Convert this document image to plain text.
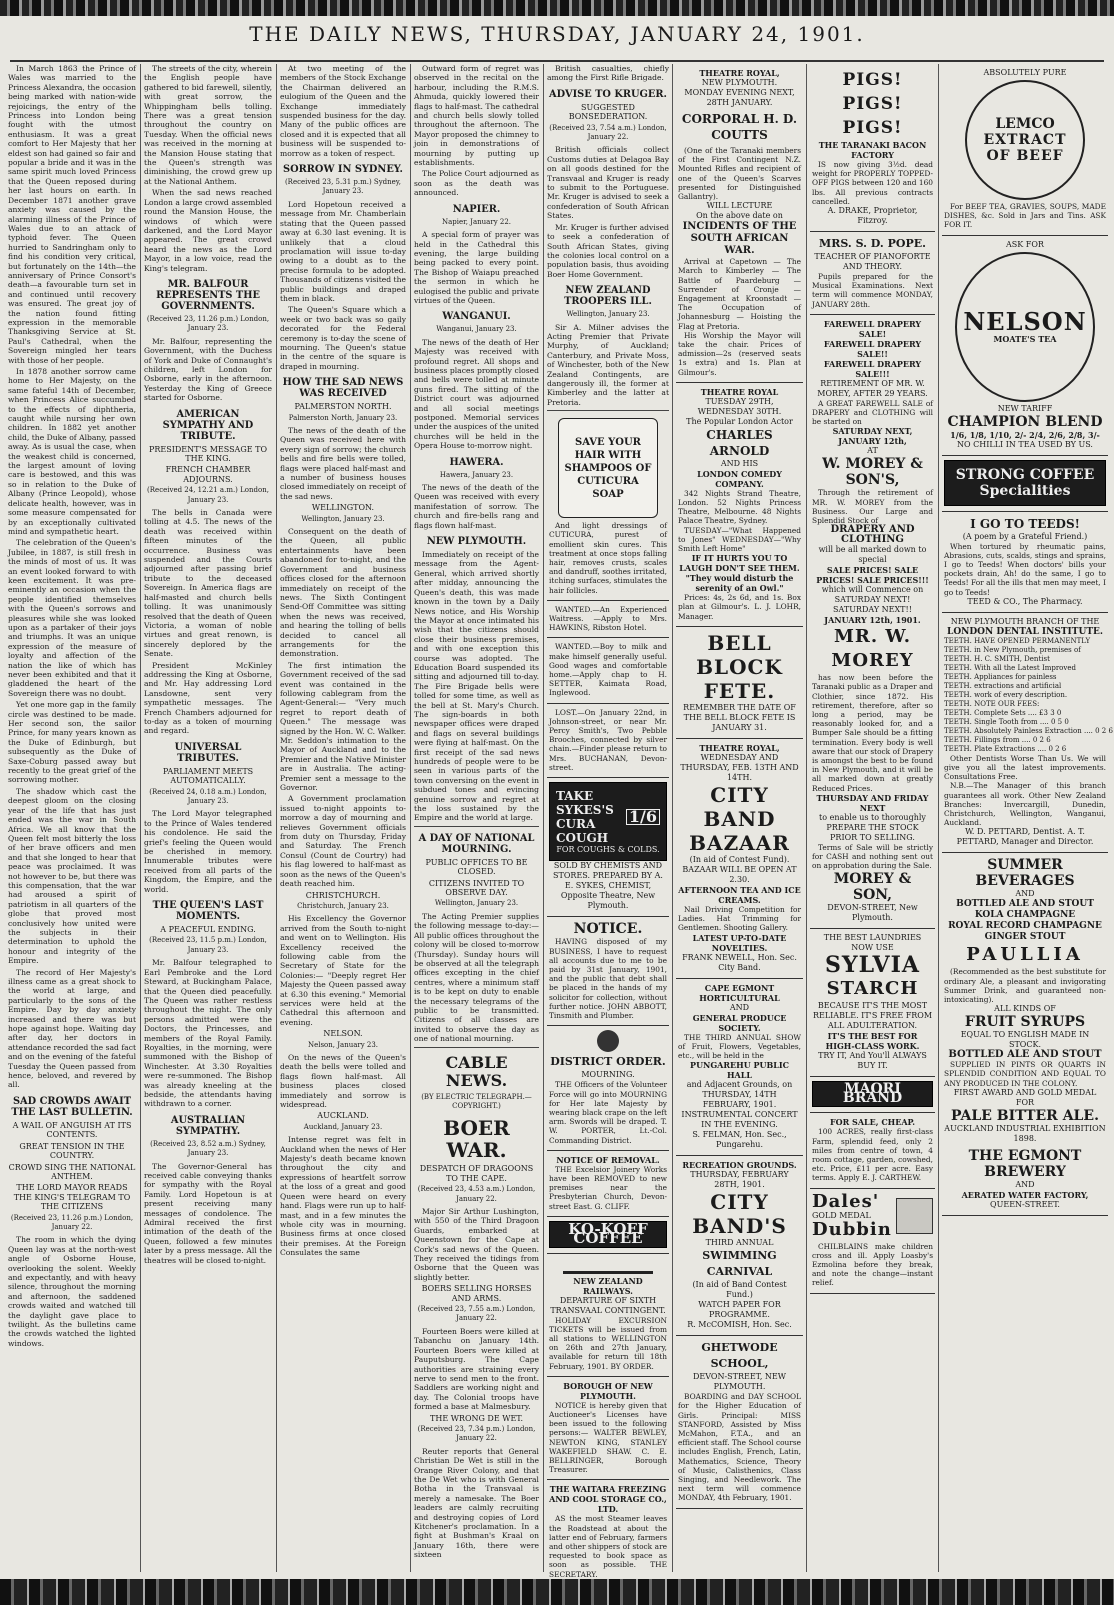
THE DAILY NEWS, THURSDAY, JANUARY 24, 1901.

In March 1863 the Prince of Wales was married to the Princess Alexandra, the occasion being marked with nation-wide rejoicings, the entry of the Princess into London being fought with the utmost enthusiasm. It was a great comfort to Her Majesty that her eldest son had gained so fair and popular a bride and it was in the same spirit much loved Princess that the Queen reposed during her last hours on earth. In December 1871 another grave anxiety was caused by the alarming illness of the Prince of Wales due to an attack of typhoid fever. The Queen hurried to Sandringham only to find his condition very critical, but fortunately on the 14th—the anniversary of Prince Consort's death—a favourable turn set in and continued until recovery was ensured. The great joy of the nation found fitting expression in the memorable Thanksgiving Service at St. Paul's Cathedral, when the Sovereign mingled her tears with those of her people.

In 1878 another sorrow came home to Her Majesty, on the same fateful 14th of December, when Princess Alice succumbed to the effects of diphtheria, caught while nursing her own children. In 1882 yet another child, the Duke of Albany, passed away. As is usual the case, when the weakest child is concerned, the largest amount of loving care is bestowed, and this was so in relation to the Duke of Albany (Prince Leopold), whose delicate health, however, was in some measure compensated for by an exceptionally cultivated mind and sympathetic heart.

The celebration of the Queen's Jubilee, in 1887, is still fresh in the minds of most of us. It was an event looked forward to with keen excitement. It was pre-eminently an occasion when the people identified themselves with the Queen's sorrows and pleasures while she was looked upon as a partaker of their joys and triumphs. It was an unique expression of the measure of loyalty and affection of the nation the like of which has never been exhibited and that it gladdened the heart of the Sovereign there was no doubt.

Yet one more gap in the family circle was destined to be made. Her second son, the sailor Prince, for many years known as the Duke of Edinburgh, but subsequently as the Duke of Saxe-Coburg passed away but recently to the great grief of the sorrowing mother.

The shadow which cast the deepest gloom on the closing year of the life that has just ended was the war in South Africa. We all know that the Queen felt most bitterly the loss of her brave officers and men and that she longed to hear that peace was proclaimed. It was not however to be, but there was this compensation, that the war had aroused a spirit of patriotism in all quarters of the globe that proved most conclusively how united were the subjects in their determination to uphold the honour and integrity of the Empire.

The record of Her Majesty's illness came as a great shock to the world at large, and particularly to the sons of the Empire. Day by day anxiety increased and there was but hope against hope. Waiting day after day, her doctors in attendance recorded the sad fact and on the evening of the fateful Tuesday the Queen passed from hence, beloved, and revered by all.

SAD CROWDS AWAIT THE LAST BULLETIN.
A WAIL OF ANGUISH AT ITS CONTENTS.
GREAT TENSION IN THE COUNTRY.
CROWD SING THE NATIONAL ANTHEM.
THE LORD MAYOR READS THE KING'S TELEGRAM TO THE CITIZENS
(Received 23, 11.26 p.m.) London, January 22.

The room in which the dying Queen lay was at the north-west angle of Osborne House, overlooking the solent. Weekly and expectantly, and with heavy silence, throughout the morning and afternoon, the saddened crowds waited and watched till the daylight gave place to twilight. As the bulletins came the crowds watched the lighted windows.

The streets of the city, wherein the English people have gathered to bid farewell, silently, with great sorrow, the Whippingham bells tolling. There was a great tension throughout the country on Tuesday. When the official news was received in the morning at the Mansion House stating that the Queen's strength was diminishing, the crowd grew up at the National Anthem.

When the sad news reached London a large crowd assembled round the Mansion House, the windows of which were darkened, and the Lord Mayor appeared. The great crowd heard the news as the Lord Mayor, in a low voice, read the King's telegram.

MR. BALFOUR REPRESENTS THE GOVERNMENTS.
(Received 23, 11.26 p.m.) London, January 23.

Mr. Balfour, representing the Government, with the Duchess of York and Duke of Connaught's children, left London for Osborne, early in the afternoon. Yesterday the King of Greece started for Osborne.

AMERICAN SYMPATHY AND TRIBUTE.
PRESIDENT'S MESSAGE TO THE KING.
FRENCH CHAMBER ADJOURNS.
(Received 24, 12.21 a.m.) London, January 23.

The bells in Canada were tolling at 4.5. The news of the death was received within fifteen minutes of the occurrence. Business was suspended and the Courts adjourned after passing brief tribute to the deceased Sovereign. In America flags are half-masted and church bells tolling. It was unanimously resolved that the death of Queen Victoria, a woman of noble virtues and great renown, is sincerely deplored by the Senate.

President McKinley addressing the King at Osborne, and Mr. Hay addressing Lord Lansdowne, sent very sympathetic messages. The French Chambers adjourned for to-day as a token of mourning and regard.

UNIVERSAL TRIBUTES.
PARLIAMENT MEETS AUTOMATICALLY.
(Received 24, 0.18 a.m.) London, January 23.

The Lord Mayor telegraphed to the Prince of Wales tendered his condolence. He said the grief's feeling the Queen would be cherished in memory. Innumerable tributes were received from all parts of the Kingdom, the Empire, and the world.

THE QUEEN'S LAST MOMENTS.
A PEACEFUL ENDING.
(Received 23, 11.5 p.m.) London, January 23.

Mr. Balfour telegraphed to Earl Pembroke and the Lord Steward, at Buckingham Palace, that the Queen died peacefully. The Queen was rather restless throughout the night. The only persons admitted were the Doctors, the Princesses, and members of the Royal Family. Royalties, in the morning, were summoned with the Bishop of Winchester. At 3.30 Royalties were re-summoned. The Bishop was already kneeling at the bedside, the attendants having withdrawn to a corner.

AUSTRALIAN SYMPATHY.
(Received 23, 8.52 a.m.) Sydney, January 23.

The Governor-General has received cable conveying thanks for sympathy with the Royal Family. Lord Hopetoun is at present receiving many messages of condolence. The Admiral received the first intimation of the death of the Queen, followed a few minutes later by a press message. All the theatres will be closed to-night.

At two meeting of the members of the Stock Exchange the Chairman delivered an eulogium of the Queen and the Exchange immediately suspended business for the day. Many of the public offices are closed and it is expected that all business will be suspended to-morrow as a token of respect.

SORROW IN SYDNEY.
(Received 23, 5.31 p.m.) Sydney, January 23.

Lord Hopetoun received a message from Mr. Chamberlain stating that the Queen passed away at 6.30 last evening. It is unlikely that a cloud proclamation will issue to-day owing to a doubt as to the precise formula to be adopted. Thousands of citizens visited the public buildings and draped them in black.

The Queen's Square which a week or two back was so gaily decorated for the Federal ceremony is to-day the scene of mourning. The Queen's statue in the centre of the square is draped in mourning.

HOW THE SAD NEWS WAS RECEIVED
PALMERSTON NORTH.
Palmerston North, January 23.

The news of the death of the Queen was received here with every sign of sorrow; the church bells and fire bells were tolled, flags were placed half-mast and a number of business houses closed immediately on receipt of the sad news.

WELLINGTON.
Wellington, January 23.

Consequent on the death of the Queen, all public entertainments have been abandoned for to-night, and the Government and business offices closed for the afternoon immediately on receipt of the news. The Sixth Contingent Send-Off Committee was sitting when the news was received, and hearing the tolling of bells decided to cancel all arrangements for the demonstration.

The first intimation the Government received of the sad event was contained in the following cablegram from the Agent-General:— "Very much regret to report death of Queen." The message was signed by the Hon. W. C. Walker. Mr. Seddon's intimation to the Mayor of Auckland and to the Premier and the Native Minister are in Australia. The acting-Premier sent a message to the Governor.

A Government proclamation issued to-night appoints to-morrow a day of mourning and relieves Government officials from duty on Thursday, Friday and Saturday. The French Consul (Count de Courtry) had his flag lowered to half-mast as soon as the news of the Queen's death reached him.

CHRISTCHURCH.
Christchurch, January 23.

His Excellency the Governor arrived from the South to-night and went on to Wellington. His Excellency received the following cable from the Secretary of State for the Colonies:— "Deeply regret Her Majesty the Queen passed away at 6.30 this evening." Memorial services were held at the Cathedral this afternoon and evening.

NELSON.
Nelson, January 23.

On the news of the Queen's death the bells were tolled and flags flown half-mast. All business places closed immediately and sorrow is widespread.

AUCKLAND.
Auckland, January 23.

Intense regret was felt in Auckland when the news of Her Majesty's death became known throughout the city and expressions of heartfelt sorrow at the loss of a great and good Queen were heard on every hand. Flags were run up to half-mast, and in a few minutes the whole city was in mourning. Business firms at once closed their premises. At the Foreign Consulates the same

Outward form of regret was observed in the recital on the harbour, including the R.M.S. Ahmuda, quickly lowered their flags to half-mast. The cathedral and church bells slowly tolled throughout the afternoon. The Mayor proposed the chimney to join in demonstrations of mourning by putting up establishments.

The Police Court adjourned as soon as the death was announced.

NAPIER.
Napier, January 22.

A special form of prayer was held in the Cathedral this evening, the large building being packed to every point. The Bishop of Waiapu preached the sermon in which he eulogised the public and private virtues of the Queen.

WANGANUI.
Wanganui, January 23.

The news of the death of Her Majesty was received with profound regret. All shops and business places promptly closed and bells were tolled at minute guns fired. The sitting of the District court was adjourned and all social meetings postponed. Memorial services under the auspices of the united churches will be held in the Opera House to-morrow night.

HAWERA.
Hawera, January 23.

The news of the death of the Queen was received with every manifestation of sorrow. The church and fire-bells rang and flags flown half-mast.

NEW PLYMOUTH.

Immediately on receipt of the message from the Agent-General, which arrived shortly after midday, announcing the Queen's death, this was made known in the town by a Daily News notice, and His Worship the Mayor at once intimated his wish that the citizens should close their business premises, and with one exception this course was adopted. The Education Board suspended its sitting and adjourned till to-day. The Fire Brigade bells were tolled for some time, as well as the bell at St. Mary's Church. The sign-boards in both newspaper offices were draped and flags on several buildings were flying at half-mast. On the first receipt of the sad news hundreds of people were to be seen in various parts of the town conversing on the event in subdued tones and evincing genuine sorrow and regret at the loss sustained by the Empire and the world at large.

A DAY OF NATIONAL MOURNING.
PUBLIC OFFICES TO BE CLOSED.
CITIZENS INVITED TO OBSERVE DAY.
Wellington, January 23.

The Acting Premier supplies the following message to-day:— All public offices throughout the colony will be closed to-morrow (Thursday). Sunday hours will be observed at all the telegraph offices excepting in the chief centres, where a minimum staff is to be kept on duty to enable the necessary telegrams of the public to be transmitted. Citizens of all classes are invited to observe the day as one of national mourning.

CABLE NEWS.
(BY ELECTRIC TELEGRAPH.—COPYRIGHT.)
BOER WAR.
DESPATCH OF DRAGOONS TO THE CAPE.
(Received 23, 4.53 a.m.) London, January 22.

Major Sir Arthur Lushington, with 550 of the Third Dragoon Guards, embarked at Queenstown for the Cape at Cork's sad news of the Queen. They received the tidings from Osborne that the Queen was slightly better.

BOERS SELLING HORSES AND ARMS.
(Received 23, 7.55 a.m.) London, January 22.

Fourteen Boers were killed at Tabanchu on January 14th. Fourteen Boers were killed at Pauputsburg. The Cape authorities are straining every nerve to send men to the front. Saddlers are working night and day. The Colonial troops have formed a base at Malmesbury.

THE WRONG DE WET.
(Received 23, 7.34 p.m.) London, January 22.

Reuter reports that General Christian De Wet is still in the Orange River Colony, and that the De Wet who is with General Botha in the Transvaal is merely a namesake. The Boer leaders are calmly recruiting and destroying copies of Lord Kitchener's proclamation. In a fight at Bushman's Kraal on January 16th, there were sixteen

British casualties, chiefly among the First Rifle Brigade.

ADVISE TO KRUGER.
SUGGESTED BONSEDERATION.
(Received 23, 7.54 a.m.) London, January 22.

British officials collect Customs duties at Delagoa Bay on all goods destined for the Transvaal and Kruger is ready to submit to the Portuguese. Mr. Kruger is advised to seek a confederation of South African States.

Mr. Kruger is further advised to seek a confederation of South African States, giving the colonies local control on a population basis, thus avoiding Boer Home Government.

NEW ZEALAND TROOPERS ILL.
Wellington, January 23.

Sir A. Milner advises the Acting Premier that Private Murphy, of Auckland; Canterbury, and Private Moss, of Winchester, both of the New Zealand Contingents, are dangerously ill, the former at Kimberley and the latter at Pretoria.

SAVE YOUR HAIR WITH SHAMPOOS OF CUTICURA SOAP
And light dressings of CUTICURA, purest of emollient skin cures. This treatment at once stops falling hair, removes crusts, scales and dandruff, soothes irritated, itching surfaces, stimulates the hair follicles.
WANTED.—An Experienced Waitress. —Apply to Mrs. HAWKINS, Ribston Hotel.
WANTED.—Boy to milk and make himself generally useful. Good wages and comfortable home.—Apply chap to H. SETTER, Kaimata Road, Inglewood.
LOST.—On January 22nd, in Johnson-street, or near Mr. Percy Smith's, Two Pebble Brooches, connected by silver chain.—Finder please return to Mrs. BUCHANAN, Devon-street.
TAKE SYKES'S CURA COUGH
1/6
FOR COUGHS & COLDS.
SOLD BY CHEMISTS AND STORES. PREPARED BY A. E. SYKES, CHEMIST, Opposite Theatre, New Plymouth.
NOTICE.
HAVING disposed of my BUSINESS, I have to request all accounts due to me to be paid by 31st January, 1901, and the public that debt shall be placed in the hands of my solicitor for collection, without further notice. JOHN ABBOTT, Tinsmith and Plumber.
DISTRICT ORDER.
MOURNING.
THE Officers of the Volunteer Force will go into MOURNING for Her late Majesty by wearing black crape on the left arm. Swords will be draped. T. W. PORTER, Lt.-Col. Commanding District.
NOTICE OF REMOVAL.
THE Excelsior Joinery Works have been REMOVED to new premises near the Presbyterian Church, Devon-street East. G. CLIFF.
KO-KOFF COFFEE
NEW ZEALAND RAILWAYS.
DEPARTURE OF SIXTH TRANSVAAL CONTINGENT.
HOLIDAY EXCURSION TICKETS will be issued from all stations to WELLINGTON on 26th and 27th January, available for return till 18th February, 1901. BY ORDER.
BOROUGH OF NEW PLYMOUTH.
NOTICE is hereby given that Auctioneer's Licenses have been issued to the following persons:— WALTER BEWLEY, NEWTON KING, STANLEY WAKEFIELD SHAW. C. E. BELLRINGER, Borough Treasurer.
THE WAITARA FREEZING AND COOL STORAGE CO., LTD.
AS the most Steamer leaves the Roadstead at about the latter end of February, farmers and other shippers of stock are requested to book space as soon as possible. THE SECRETARY.
THEATRE ROYAL,
NEW PLYMOUTH.
MONDAY EVENING NEXT, 28TH JANUARY.
CORPORAL H. D. COUTTS
(One of the Taranaki members of the First Contingent N.Z. Mounted Rifles and recipient of one of the Queen's Scarves presented for Distinguished Gallantry).
WILL LECTURE
On the above date on
INCIDENTS OF THE SOUTH AFRICAN WAR.
Arrival at Capetown — The March to Kimberley — The Battle of Paardeburg — Surrender of Cronje — Engagement at Kroonstadt — The Occupation of Johannesburg — Hoisting the Flag at Pretoria.
His Worship the Mayor will take the chair. Prices of admission—2s (reserved seats 1s extra) and 1s. Plan at Gilmour's.
THEATRE ROYAL
TUESDAY 29TH, WEDNESDAY 30TH.
The Popular London Actor
CHARLES ARNOLD
AND HIS
LONDON COMEDY COMPANY.
342 Nights Strand Theatre, London. 52 Nights Princess Theatre, Melbourne. 48 Nights Palace Theatre, Sydney.
TUESDAY—"What Happened to Jones" WEDNESDAY—"Why Smith Left Home"
IF IT HURTS YOU TO LAUGH DON'T SEE THEM. "They would disturb the serenity of an Owl."
Prices: 4s, 2s 6d, and 1s. Box plan at Gilmour's. L. J. LOHR, Manager.
BELL BLOCK FETE.
REMEMBER THE DATE OF THE BELL BLOCK FETE IS JANUARY 31.
THEATRE ROYAL,
WEDNESDAY AND THURSDAY, FEB. 13TH AND 14TH.
CITY BAND BAZAAR
(In aid of Contest Fund).
BAZAAR WILL BE OPEN AT 2.30.
AFTERNOON TEA AND ICE CREAMS.
Nail Driving Competition for Ladies. Hat Trimming for Gentlemen. Shooting Gallery.
LATEST UP-TO-DATE NOVELTIES.
FRANK NEWELL, Hon. Sec. City Band.
CAPE EGMONT HORTICULTURAL
AND
GENERAL PRODUCE SOCIETY.
THE THIRD ANNUAL SHOW of Fruit, Flowers, Vegetables, etc., will be held in the
PUNGAREHU PUBLIC HALL
and Adjacent Grounds, on THURSDAY, 14TH FEBRUARY, 1901.
INSTRUMENTAL CONCERT IN THE EVENING.
S. FELMAN, Hon. Sec., Pungarehu.
RECREATION GROUNDS.
THURSDAY, FEBRUARY 28TH, 1901.
CITY BAND'S
THIRD ANNUAL
SWIMMING CARNIVAL
(In aid of Band Contest Fund.)
WATCH PAPER FOR PROGRAMME.
R. McCOMISH, Hon. Sec.
GHETWODE SCHOOL,
DEVON-STREET, NEW PLYMOUTH.
BOARDING and DAY SCHOOL for the Higher Education of Girls. Principal: MISS STANFORD, Assisted by Miss McMahon, F.T.A., and an efficient staff. The School course includes English, French, Latin, Mathematics, Science, Theory of Music, Calisthenics, Class Singing, and Needlework. The next term will commence MONDAY, 4th February, 1901.
PIGS! PIGS! PIGS!
THE TARANAKI BACON FACTORY
IS now giving 3½d. dead weight for PROPERLY TOPPED-OFF PIGS between 120 and 160 lbs. All previous contracts cancelled.
A. DRAKE, Proprietor, Fitzroy.
MRS. S. D. POPE.
TEACHER OF PIANOFORTE AND THEORY.
Pupils prepared for the Musical Examinations. Next term will commence MONDAY, JANUARY 28th.
FAREWELL DRAPERY SALE!
FAREWELL DRAPERY SALE!!
FAREWELL DRAPERY SALE!!!
RETIREMENT OF MR. W. MOREY, AFTER 29 YEARS.
A GREAT FAREWELL SALE of DRAPERY and CLOTHING will be started on
SATURDAY NEXT, JANUARY 12th,
AT
W. MOREY & SON'S,
Through the retirement of MR. W. MOREY from the Business. Our Large and Splendid Stock of
DRAPERY AND CLOTHING
will be all marked down to special
SALE PRICES! SALE PRICES! SALE PRICES!!!
which will Commence on SATURDAY NEXT! SATURDAY NEXT!!
JANUARY 12th, 1901.
MR. W. MOREY
has now been before the Taranaki public as a Draper and Clothier, since 1872. His retirement, therefore, after so long a period, may be reasonably looked for, and a Bumper Sale should be a fitting termination. Every body is well aware that our stock of Drapery is amongst the best to be found in New Plymouth, and it will be all marked down at greatly Reduced Prices.
THURSDAY AND FRIDAY NEXT
to enable us to thoroughly PREPARE THE STOCK PRIOR TO SELLING.
Terms of Sale will be strictly for CASH and nothing sent out on approbation during the Sale.
MOREY & SON,
DEVON-STREET, New Plymouth.
THE BEST LAUNDRIES NOW USE
SYLVIA
STARCH
BECAUSE IT'S THE MOST RELIABLE. IT'S FREE FROM ALL ADULTERATION.
IT'S THE BEST FOR HIGH-CLASS WORK.
TRY IT, And You'll ALWAYS BUY IT.
MAORI BRAND
FOR SALE, CHEAP.
100 ACRES, really first-class Farm, splendid feed, only 2 miles from centre of town, 4 room cottage, garden, cowshed, etc. Price, £11 per acre. Easy terms. Apply E. J. CARTHEW.
Dales'
GOLD MEDAL
Dubbin
CHILBLAINS make children cross and ill. Apply Loasby's Ezmolina before they break, and note the change—instant relief.
ABSOLUTELY PURE
LEMCO
EXTRACT OF BEEF
For BEEF TEA, GRAVIES, SOUPS, MADE DISHES, &c. Sold in Jars and Tins. ASK FOR IT.
ASK FOR
NELSON
MOATE'S TEA
NEW TARIFF
CHAMPION BLEND
1/6, 1/8, 1/10, 2/- 2/4, 2/6, 2/8, 3/-
NO CHILLI IN TEA USED BY US.
STRONG COFFEE Specialities
I GO TO TEEDS!
(A poem by a Grateful Friend.)
When tortured by rheumatic pains, Abrasions, cuts, scalds, stings and sprains, I go to Teeds! When doctors' bills your pockets drain, Ah! do the same, I go to Teeds! For all the ills that men may meet, I go to Teeds!
TEED & CO., The Pharmacy.
NEW PLYMOUTH BRANCH OF THE
LONDON DENTAL INSTITUTE.
TEETH. HAVE OPENED PERMANENTLY
TEETH. in New Plymouth, premises of
TEETH. H. C. SMITH, Dentist
TEETH. With all the Latest Improved
TEETH. Appliances for painless
TEETH. extractions and artificial
TEETH. work of every description.
TEETH. NOTE OUR FEES:
TEETH. Complete Sets .... £3 3 0
TEETH. Single Tooth from .... 0 5 0
TEETH. Absolutely Painless Extraction .... 0 2 6
TEETH. Fillings from .... 0 2 6
TEETH. Plate Extractions .... 0 2 6
Other Dentists Worse Than Us. We will give you all the latest improvements. Consultations Free.
N.B.—The Manager of this branch guarantees all work. Other New Zealand Branches: Invercargill, Dunedin, Christchurch, Wellington, Wanganui, Auckland.
W. D. PETTARD, Dentist. A. T. PETTARD, Manager and Director.
SUMMER BEVERAGES
AND
BOTTLED ALE AND STOUT
KOLA CHAMPAGNE
ROYAL RECORD CHAMPAGNE
GINGER STOUT
PAULLIA
(Recommended as the best substitute for ordinary Ale, a pleasant and invigorating Summer Drink, and guaranteed non-intoxicating).
ALL KINDS OF
FRUIT SYRUPS
EQUAL TO ENGLISH MADE IN STOCK.
BOTTLED ALE AND STOUT
SUPPLIED IN PINTS OR QUARTS IN SPLENDID CONDITION AND EQUAL TO ANY PRODUCED IN THE COLONY.
FIRST AWARD AND GOLD MEDAL FOR
PALE BITTER ALE.
AUCKLAND INDUSTRIAL EXHIBITION 1898.
THE EGMONT BREWERY
AND
AERATED WATER FACTORY,
QUEEN-STREET.
